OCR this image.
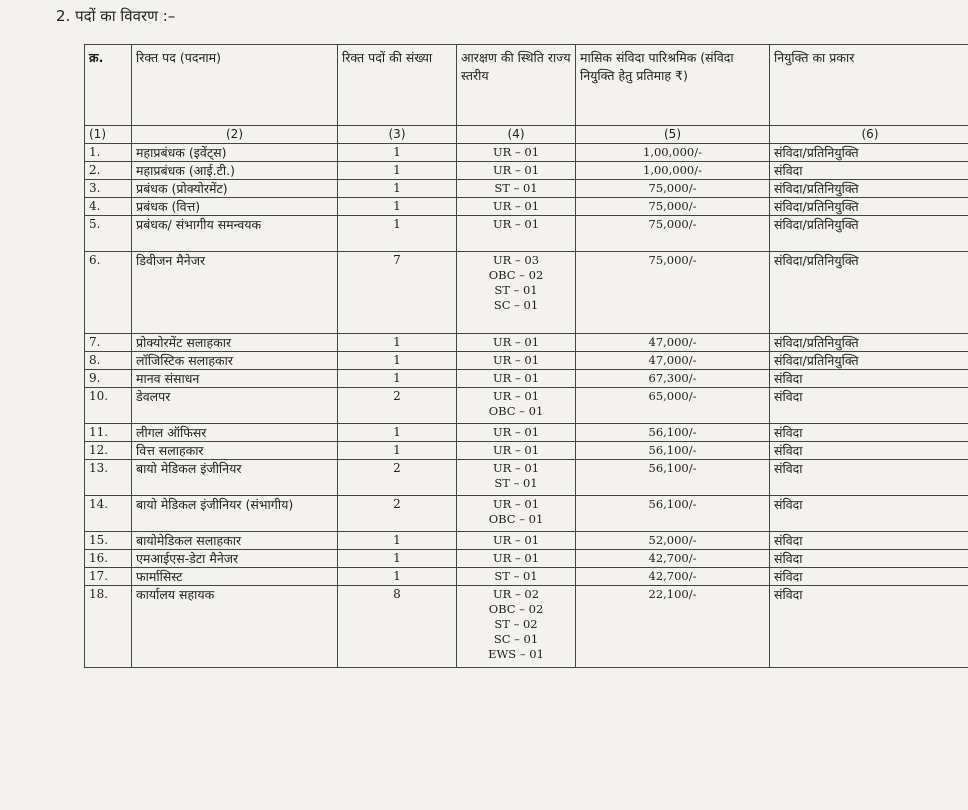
2. पदों का विवरण :–
क्र.	रिक्त पद (पदनाम)	रिक्त पदों की संख्या	आरक्षण की स्थिति राज्य स्तरीय	मासिक संविदा पारिश्रमिक (संविदा नियुक्ति हेतु प्रतिमाह ₹)	नियुक्ति का प्रकार
(1)	(2)	(3)	(4)	(5)	(6)
1.	महाप्रबंधक (इवेंट्स)	1	UR – 01	1,00,000/-	संविदा/प्रतिनियुक्ति
2.	महाप्रबंधक (आई.टी.)	1	UR – 01	1,00,000/-	संविदा
3.	प्रबंधक (प्रोक्योरमेंट)	1	ST – 01	75,000/-	संविदा/प्रतिनियुक्ति
4.	प्रबंधक (वित्त)	1	UR – 01	75,000/-	संविदा/प्रतिनियुक्ति
5.	प्रबंधक/ संभागीय समन्वयक	1	UR – 01	75,000/-	संविदा/प्रतिनियुक्ति
6.	डिवीजन मैनेजर	7	UR – 03
OBC – 02
ST – 01
SC – 01	75,000/-	संविदा/प्रतिनियुक्ति
7.	प्रोक्योरमेंट सलाहकार	1	UR – 01	47,000/-	संविदा/प्रतिनियुक्ति
8.	लॉजिस्टिक सलाहकार	1	UR – 01	47,000/-	संविदा/प्रतिनियुक्ति
9.	मानव संसाधन	1	UR – 01	67,300/-	संविदा
10.	डेवलपर	2	UR – 01
OBC – 01	65,000/-	संविदा
11.	लीगल ऑफिसर	1	UR – 01	56,100/-	संविदा
12.	वित्त सलाहकार	1	UR – 01	56,100/-	संविदा
13.	बायो मेडिकल इंजीनियर	2	UR – 01
ST – 01	56,100/-	संविदा
14.	बायो मेडिकल इंजीनियर (संभागीय)	2	UR – 01
OBC – 01	56,100/-	संविदा
15.	बायोमेडिकल सलाहकार	1	UR – 01	52,000/-	संविदा
16.	एमआईएस-डेटा मैनेजर	1	UR – 01	42,700/-	संविदा
17.	फार्मासिस्ट	1	ST – 01	42,700/-	संविदा
18.	कार्यालय सहायक	8	UR – 02
OBC – 02
ST – 02
SC – 01
EWS – 01	22,100/-	संविदा
